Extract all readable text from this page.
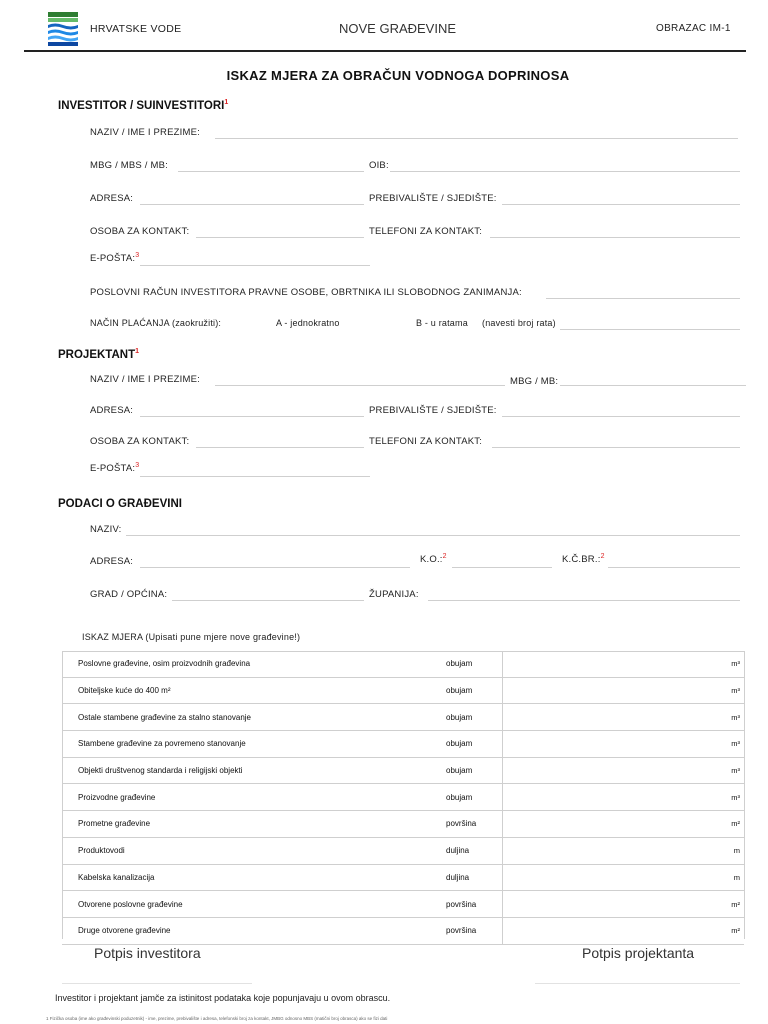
HRVATSKE VODE	NOVE GRAĐEVINE	OBRAZAC IM-1
ISKAZ MJERA ZA OBRAČUN VODNOGA DOPRINOSA
INVESTITOR / SUINVESTITORI$^1$
NAZIV / IME I PREZIME:
MBG / MBS / MB:	OIB:
ADRESA:	PREBIVALIŠTE / SJEDIŠTE:
OSOBA ZA KONTAKT:	TELEFONI ZA KONTAKT:
E-POŠTA:$^3$
POSLOVNI RAČUN INVESTITORA PRAVNE OSOBE, OBRTNIKA ILI SLOBODNOG ZANIMANJA:
NAČIN PLAĆANJA (zaokružiti):	A - jednokratno	B - u ratama (navesti broj rata)
PROJEKTANT$^1$
NAZIV / IME I PREZIME:	MBG / MB:
ADRESA:	PREBIVALIŠTE / SJEDIŠTE:
OSOBA ZA KONTAKT:	TELEFONI ZA KONTAKT:
E-POŠTA:$^3$
PODACI O GRAĐEVINI
NAZIV:
ADRESA:	K.O.:$^2$	K.Č.BR.:$^2$
GRAD / OPĆINA:	ŽUPANIJA:
ISKAZ MJERA (Upisati pune mjere nove građevine!)
Poslovne građevine, osim proizvodnih građevina	obujam	m³
Obiteljske kuće do 400 m²	obujam	m³
Ostale stambene građevine za stalno stanovanje	obujam	m³
Stambene građevine za povremeno stanovanje	obujam	m³
Objekti društvenog standarda i religijski objekti	obujam	m³
Proizvodne građevine	obujam	m³
Prometne građevine	površina	m²
Produktovodi	duljina	m
Kabelska kanalizacija	duljina	m
Otvorene poslovne građevine	površina	m²
Druge otvorene građevine	površina	m²
Potpis investitora	Potpis projektanta
Investitor i projektant jamče za istinitost podataka koje popunjavaju u ovom obrascu.
1 Fizička osoba (ime ako građevinski poduzetnik) - ime, prezime, prebivalište i adresa, telefonski broj za kontakt, JMBG odnosno MBS (matični broj obrasca) ako se fizi dati
